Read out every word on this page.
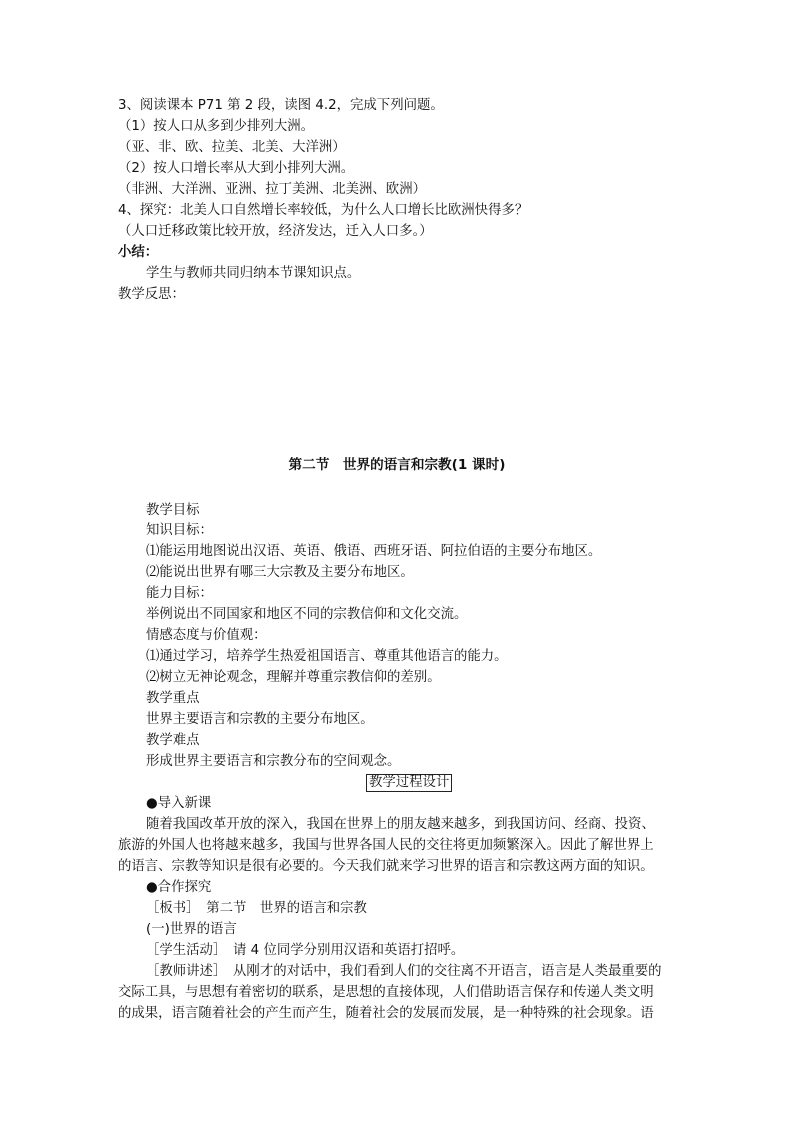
3、阅读课本 P71 第 2 段，读图 4.2，完成下列问题。
（1）按人口从多到少排列大洲。
（亚、非、欧、拉美、北美、大洋洲）
（2）按人口增长率从大到小排列大洲。
（非洲、大洋洲、亚洲、拉丁美洲、北美洲、欧洲）
4、探究：北美人口自然增长率较低，为什么人口增长比欧洲快得多？
（人口迁移政策比较开放，经济发达，迁入人口多。）
小结：
学生与教师共同归纳本节课知识点。
教学反思：
第二节　世界的语言和宗教(1 课时)
教学目标
知识目标：
⑴能运用地图说出汉语、英语、俄语、西班牙语、阿拉伯语的主要分布地区。
⑵能说出世界有哪三大宗教及主要分布地区。
能力目标：
举例说出不同国家和地区不同的宗教信仰和文化交流。
情感态度与价值观：
⑴通过学习，培养学生热爱祖国语言、尊重其他语言的能力。
⑵树立无神论观念，理解并尊重宗教信仰的差别。
教学重点
世界主要语言和宗教的主要分布地区。
教学难点
形成世界主要语言和宗教分布的空间观念。
教学过程设计
●导入新课
随着我国改革开放的深入，我国在世界上的朋友越来越多，到我国访问、经商、投资、
旅游的外国人也将越来越多，我国与世界各国人民的交往将更加频繁深入。因此了解世界上
的语言、宗教等知识是很有必要的。今天我们就来学习世界的语言和宗教这两方面的知识。
●合作探究
［板书］　第二节　世界的语言和宗教
(一)世界的语言
［学生活动］　请 4 位同学分别用汉语和英语打招呼。
［教师讲述］　从刚才的对话中，我们看到人们的交往离不开语言，语言是人类最重要的
交际工具，与思想有着密切的联系，是思想的直接体现，人们借助语言保存和传递人类文明
的成果，语言随着社会的产生而产生，随着社会的发展而发展，是一种特殊的社会现象。语
